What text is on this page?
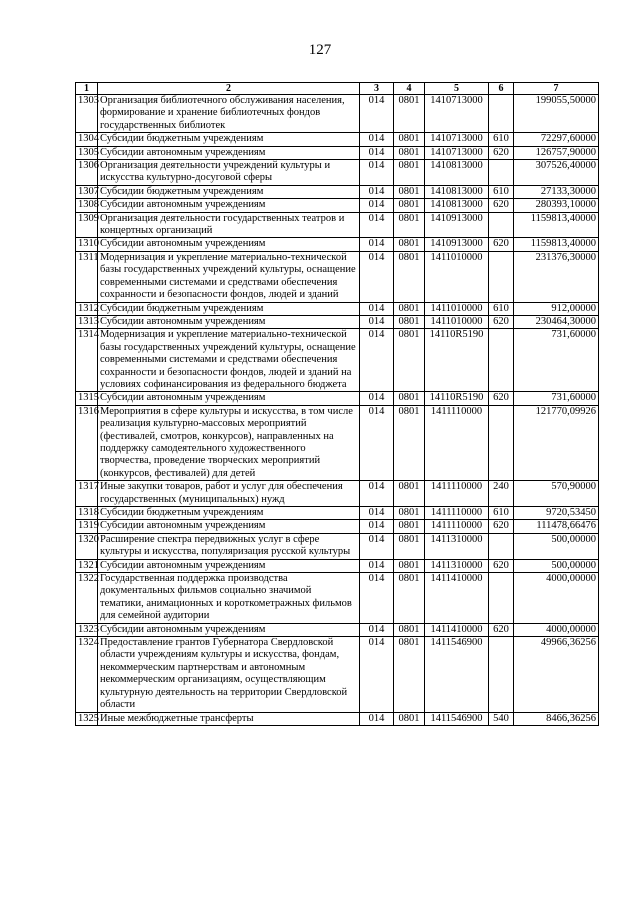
127
1	2	3	4	5	6	7
1303	Организация библиотечного обслуживания населения, формирование и хранение библиотечных фондов государственных библиотек	014	0801	1410713000		199055,50000
1304	Субсидии бюджетным учреждениям	014	0801	1410713000	610	72297,60000
1305	Субсидии автономным учреждениям	014	0801	1410713000	620	126757,90000
1306	Организация деятельности учреждений культуры и искусства культурно-досуговой сферы	014	0801	1410813000		307526,40000
1307	Субсидии бюджетным учреждениям	014	0801	1410813000	610	27133,30000
1308	Субсидии автономным учреждениям	014	0801	1410813000	620	280393,10000
1309	Организация деятельности государственных театров и концертных организаций	014	0801	1410913000		1159813,40000
1310	Субсидии автономным учреждениям	014	0801	1410913000	620	1159813,40000
1311	Модернизация и укрепление материально-технической базы государственных учреждений культуры, оснащение современными системами и средствами обеспечения сохранности и безопасности фондов, людей и зданий	014	0801	1411010000		231376,30000
1312	Субсидии бюджетным учреждениям	014	0801	1411010000	610	912,00000
1313	Субсидии автономным учреждениям	014	0801	1411010000	620	230464,30000
1314	Модернизация и укрепление материально-технической базы государственных учреждений культуры, оснащение современными системами и средствами обеспечения сохранности и безопасности фондов, людей и зданий на условиях софинансирования из федерального бюджета	014	0801	14110R5190		731,60000
1315	Субсидии автономным учреждениям	014	0801	14110R5190	620	731,60000
1316	Мероприятия в сфере культуры и искусства, в том числе реализация культурно-массовых мероприятий (фестивалей, смотров, конкурсов), направленных на поддержку самодеятельного художественного творчества, проведение творческих мероприятий (конкурсов, фестивалей) для детей	014	0801	1411110000		121770,09926
1317	Иные закупки товаров, работ и услуг для обеспечения государственных (муниципальных) нужд	014	0801	1411110000	240	570,90000
1318	Субсидии бюджетным учреждениям	014	0801	1411110000	610	9720,53450
1319	Субсидии автономным учреждениям	014	0801	1411110000	620	111478,66476
1320	Расширение спектра передвижных услуг в сфере культуры и искусства, популяризация русской культуры	014	0801	1411310000		500,00000
1321	Субсидии автономным учреждениям	014	0801	1411310000	620	500,00000
1322	Государственная поддержка производства документальных фильмов социально значимой тематики, анимационных и короткометражных фильмов для семейной аудитории	014	0801	1411410000		4000,00000
1323	Субсидии автономным учреждениям	014	0801	1411410000	620	4000,00000
1324	Предоставление грантов Губернатора Свердловской области учреждениям культуры и искусства, фондам, некоммерческим партнерствам и автономным некоммерческим организациям, осуществляющим культурную деятельность на территории Свердловской области	014	0801	1411546900		49966,36256
1325	Иные межбюджетные трансферты	014	0801	1411546900	540	8466,36256
